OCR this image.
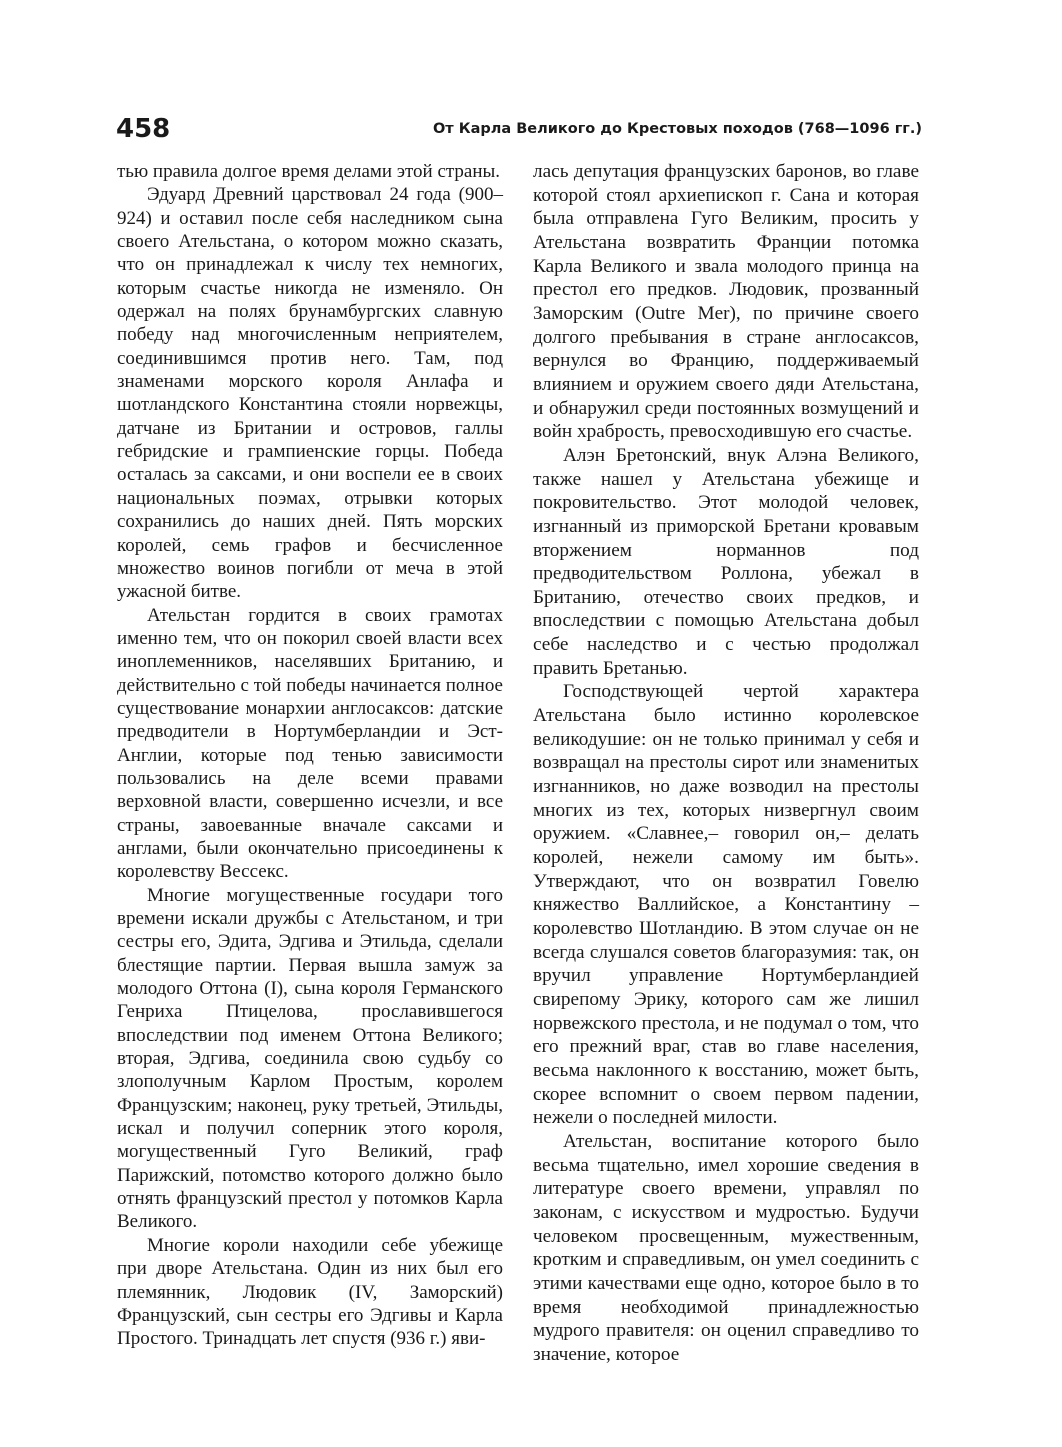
458	От Карла Великого до Крестовых походов (768—1096 гг.)

тью правила долгое время делами этой страны.

Эдуард Древний царствовал 24 года (900–924) и оставил после себя наследником сына своего Ательстана, о котором можно сказать, что он принадлежал к числу тех немногих, которым счастье никогда не изменяло. Он одержал на полях брунамбургских славную победу над многочисленным неприятелем, соединившимся против него. Там, под знаменами морского короля Анлафа и шотландского Константина стояли норвежцы, датчане из Британии и островов, галлы гебридские и грампиенские горцы. Победа осталась за саксами, и они воспели ее в своих национальных поэмах, отрывки которых сохранились до наших дней. Пять морских королей, семь графов и бесчисленное множество воинов погибли от меча в этой ужасной битве.

Ательстан гордится в своих грамотах именно тем, что он покорил своей власти всех иноплеменников, населявших Британию, и действительно с той победы начинается полное существование монархии англосаксов: датские предводители в Нортумберландии и Эст-Англии, которые под тенью зависимости пользовались на деле всеми правами верховной власти, совершенно исчезли, и все страны, завоеванные вначале саксами и англами, были окончательно присоединены к королевству Вессекс.

Многие могущественные государи того времени искали дружбы с Ательстаном, и три сестры его, Эдита, Эдгива и Этильда, сделали блестящие партии. Первая вышла замуж за молодого Оттона (I), сына короля Германского Генриха Птицелова, прославившегося впоследствии под именем Оттона Великого; вторая, Эдгива, соединила свою судьбу со злополучным Карлом Простым, королем Французским; наконец, руку третьей, Этильды, искал и получил соперник этого короля, могущественный Гуго Великий, граф Парижский, потомство которого должно было отнять французский престол у потомков Карла Великого.

Многие короли находили себе убежище при дворе Ательстана. Один из них был его племянник, Людовик (IV, Заморский) Французский, сын сестры его Эдгивы и Карла Простого. Тринадцать лет спустя (936 г.) яви-

лась депутация французских баронов, во главе которой стоял архиепископ г. Сана и которая была отправлена Гуго Великим, просить у Ательстана возвратить Франции потомка Карла Великого и звала молодого принца на престол его предков. Людовик, прозванный Заморским (Outre Mer), по причине своего долгого пребывания в стране англосаксов, вернулся во Францию, поддерживаемый влиянием и оружием своего дяди Ательстана, и обнаружил среди постоянных возмущений и войн храбрость, превосходившую его счастье.

Алэн Бретонский, внук Алэна Великого, также нашел у Ательстана убежище и покровительство. Этот молодой человек, изгнанный из приморской Бретани кровавым вторжением норманнов под предводительством Роллона, убежал в Британию, отечество своих предков, и впоследствии с помощью Ательстана добыл себе наследство и с честью продолжал править Бретанью.

Господствующей чертой характера Ательстана было истинно королевское великодушие: он не только принимал у себя и возвращал на престолы сирот или знаменитых изгнанников, но даже возводил на престолы многих из тех, которых низвергнул своим оружием. «Славнее,– говорил он,– делать королей, нежели самому им быть». Утверждают, что он возвратил Говелю княжество Валлийское, а Константину – королевство Шотландию. В этом случае он не всегда слушался советов благоразумия: так, он вручил управление Нортумберландией свирепому Эрику, которого сам же лишил норвежского престола, и не подумал о том, что его прежний враг, став во главе населения, весьма наклонного к восстанию, может быть, скорее вспомнит о своем первом падении, нежели о последней милости.

Ательстан, воспитание которого было весьма тщательно, имел хорошие сведения в литературе своего времени, управлял по законам, с искусством и мудростью. Будучи человеком просвещенным, мужественным, кротким и справедливым, он умел соединить с этими качествами еще одно, которое было в то время необходимой принадлежностью мудрого правителя: он оценил справедливо то значение, которое
